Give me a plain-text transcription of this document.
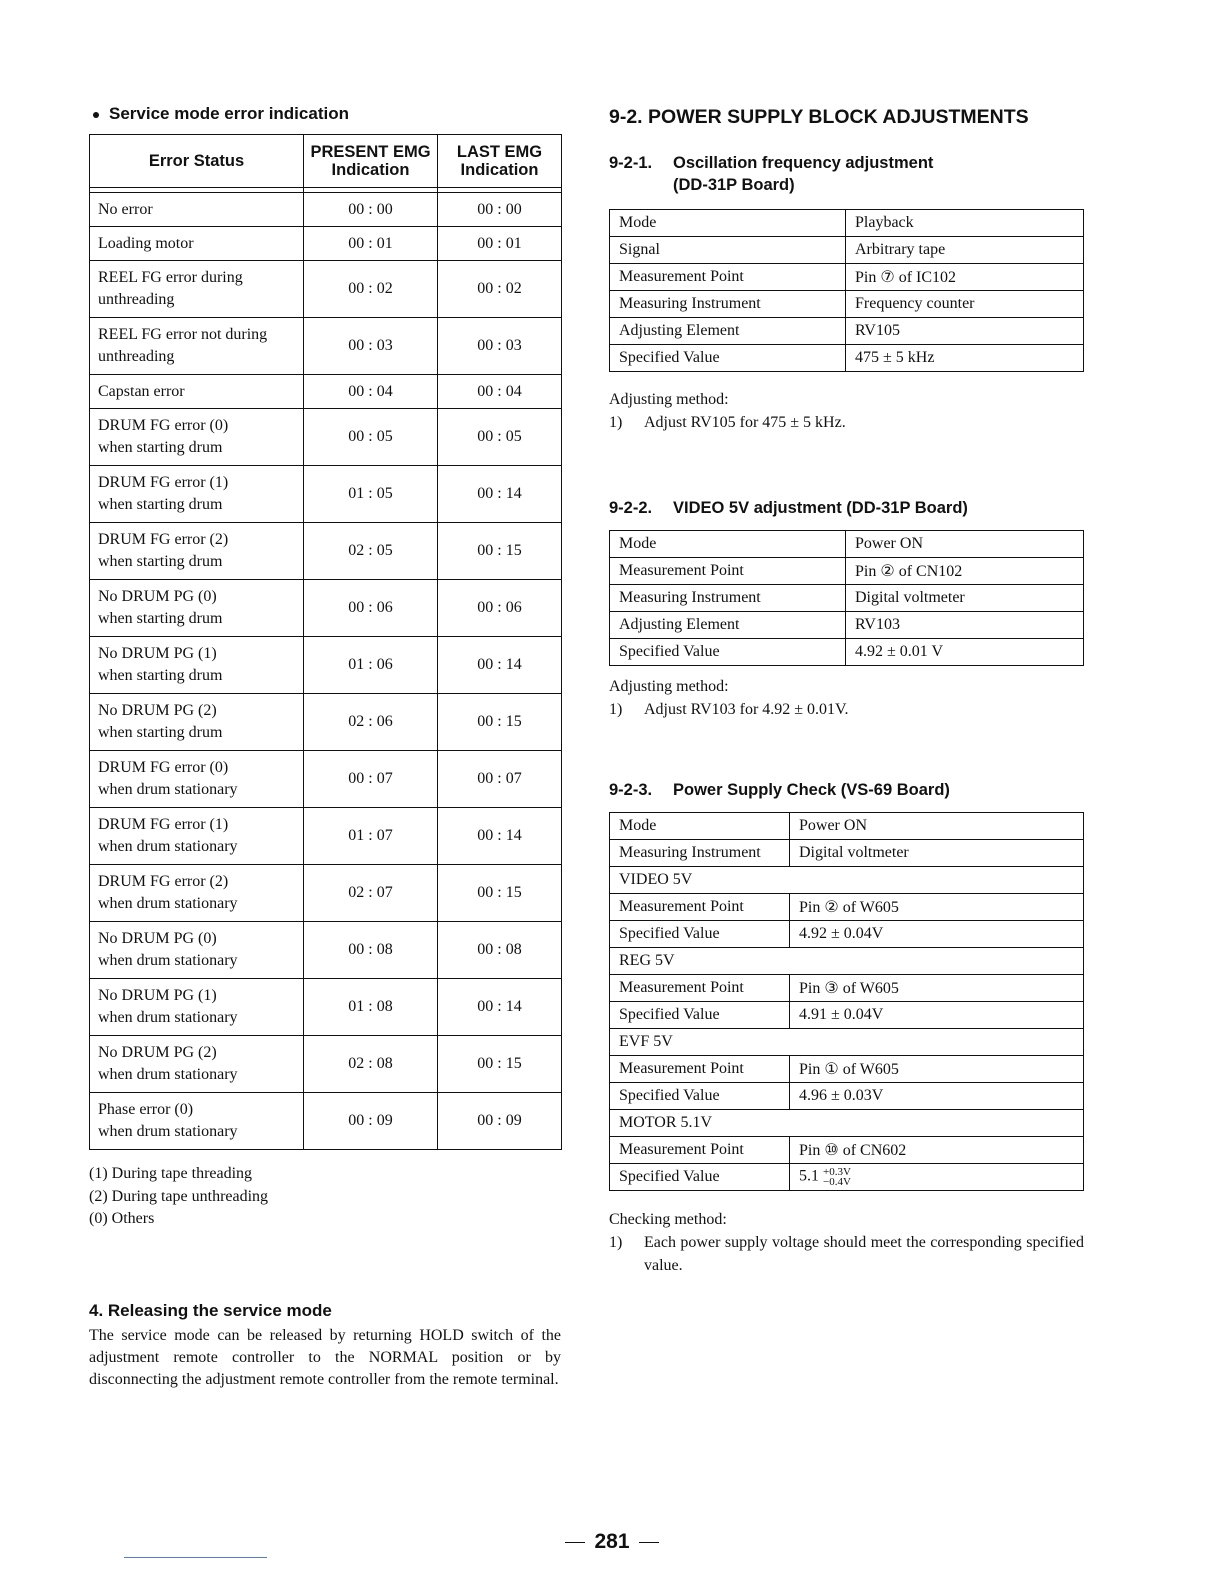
Service mode error indication
Error Status	PRESENT EMG Indication	LAST EMG Indication

No error	00 : 00	00 : 00
Loading motor	00 : 01	00 : 01
REEL FG error during
unthreading	00 : 02	00 : 02
REEL FG error not during
unthreading	00 : 03	00 : 03
Capstan error	00 : 04	00 : 04
DRUM FG error (0)
when starting drum	00 : 05	00 : 05
DRUM FG error (1)
when starting drum	01 : 05	00 : 14
DRUM FG error (2)
when starting drum	02 : 05	00 : 15
No DRUM PG (0)
when starting drum	00 : 06	00 : 06
No DRUM PG (1)
when starting drum	01 : 06	00 : 14
No DRUM PG (2)
when starting drum	02 : 06	00 : 15
DRUM FG error (0)
when drum stationary	00 : 07	00 : 07
DRUM FG error (1)
when drum stationary	01 : 07	00 : 14
DRUM FG error (2)
when drum stationary	02 : 07	00 : 15
No DRUM PG (0)
when drum stationary	00 : 08	00 : 08
No DRUM PG (1)
when drum stationary	01 : 08	00 : 14
No DRUM PG (2)
when drum stationary	02 : 08	00 : 15
Phase error (0)
when drum stationary	00 : 09	00 : 09
(1) During tape threading
(2) During tape unthreading
(0) Others
4. Releasing the service mode

The service mode can be released by returning HOLD switch of the adjustment remote controller to the NORMAL position or by disconnecting the adjustment remote controller from the remote terminal.

9-2. POWER SUPPLY BLOCK ADJUSTMENTS
9-2-1.	Oscillation frequency adjustment
(DD-31P Board)
Mode	Playback
Signal	Arbitrary tape
Measurement Point	Pin ⑦ of IC102
Measuring Instrument	Frequency counter
Adjusting Element	RV105
Specified Value	475 ± 5 kHz
Adjusting method:
1)	Adjust RV105 for 475 ± 5 kHz.
9-2-2.	VIDEO 5V adjustment (DD-31P Board)
Mode	Power ON
Measurement Point	Pin ② of CN102
Measuring Instrument	Digital voltmeter
Adjusting Element	RV103
Specified Value	4.92 ± 0.01 V
Adjusting method:
1)	Adjust RV103 for 4.92 ± 0.01V.
9-2-3.	Power Supply Check (VS-69 Board)
Mode	Power ON
Measuring Instrument	Digital voltmeter
VIDEO 5V	
Measurement Point	Pin ② of W605
Specified Value	4.92 ± 0.04V
REG 5V	
Measurement Point	Pin ③ of W605
Specified Value	4.91 ± 0.04V
EVF 5V	
Measurement Point	Pin ① of W605
Specified Value	4.96 ± 0.03V
MOTOR 5.1V	
Measurement Point	Pin ⑩ of CN602
Specified Value	5.1 +0.3V
−0.4V
Checking method:
1)	Each power supply voltage should meet the corresponding specified value.
281
